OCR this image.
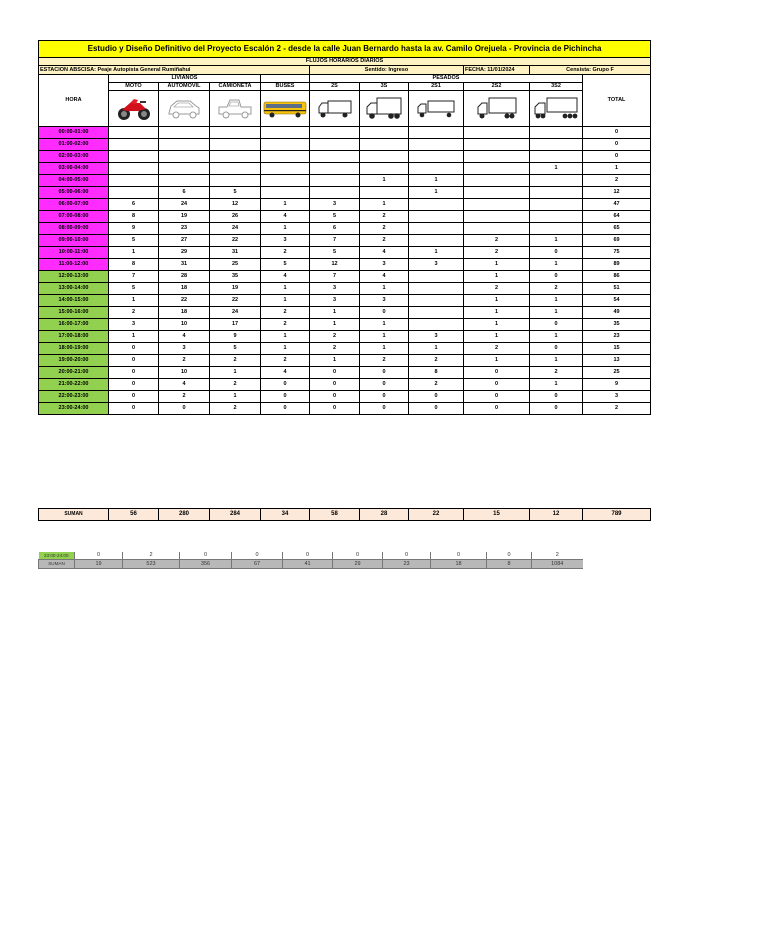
Estudio y Diseño Definitivo del Proyecto Escalón 2 - desde la calle Juan Bernardo hasta la av. Camilo Orejuela - Provincia de Pichincha										
FLUJOS HORARIOS DIARIOS										
ESTACION ABSCISA: Peaje Autopista General Rumiñahui					Sentido: Ingreso			FECHA: 11/01/2024	Censista: Grupo F	
HORA	LIVIANOS				PESADOS					TOTAL
	MOTO	AUTOMOVIL	CAMIONETA	BUSES	2S	3S	2S1	2S2	3S2	

00:00-01:00										0
01:00-02:00										0
02:00-03:00										0
03:00-04:00									1	1
04:00-05:00						1	1			2
05:00-06:00		6	5				1			12
06:00-07:00	6	24	12	1	3	1				47
07:00-08:00	8	19	26	4	5	2				64
08:00-09:00	9	23	24	1	6	2				65
09:00-10:00	5	27	22	3	7	2		2	1	69
10:00-11:00	1	29	31	2	5	4	1	2	0	75
11:00-12:00	8	31	25	5	12	3	3	1	1	89
12:00-13:00	7	28	35	4	7	4		1	0	86
13:00-14:00	5	18	19	1	3	1		2	2	51
14:00-15:00	1	22	22	1	3	3		1	1	54
15:00-16:00	2	18	24	2	1	0		1	1	49
16:00-17:00	3	10	17	2	1	1		1	0	35
17:00-18:00	1	4	9	1	2	1	3	1	1	23
18:00-19:00	0	3	5	1	2	1	1	2	0	15
19:00-20:00	0	2	2	2	1	2	2	1	1	13
20:00-21:00	0	10	1	4	0	0	8	0	2	25
21:00-22:00	0	4	2	0	0	0	2	0	1	9
22:00-23:00	0	2	1	0	0	0	0	0	0	3
23:00-24:00	0	0	2	0	0	0	0	0	0	2
SUMAN	56	280	284	34	58	28	22	15	12	789
23:00-24:00	0	2	0	0	0	0	0	0	0	2
SUMAN	19	523	356	67	41	29	23	18	8	1084
